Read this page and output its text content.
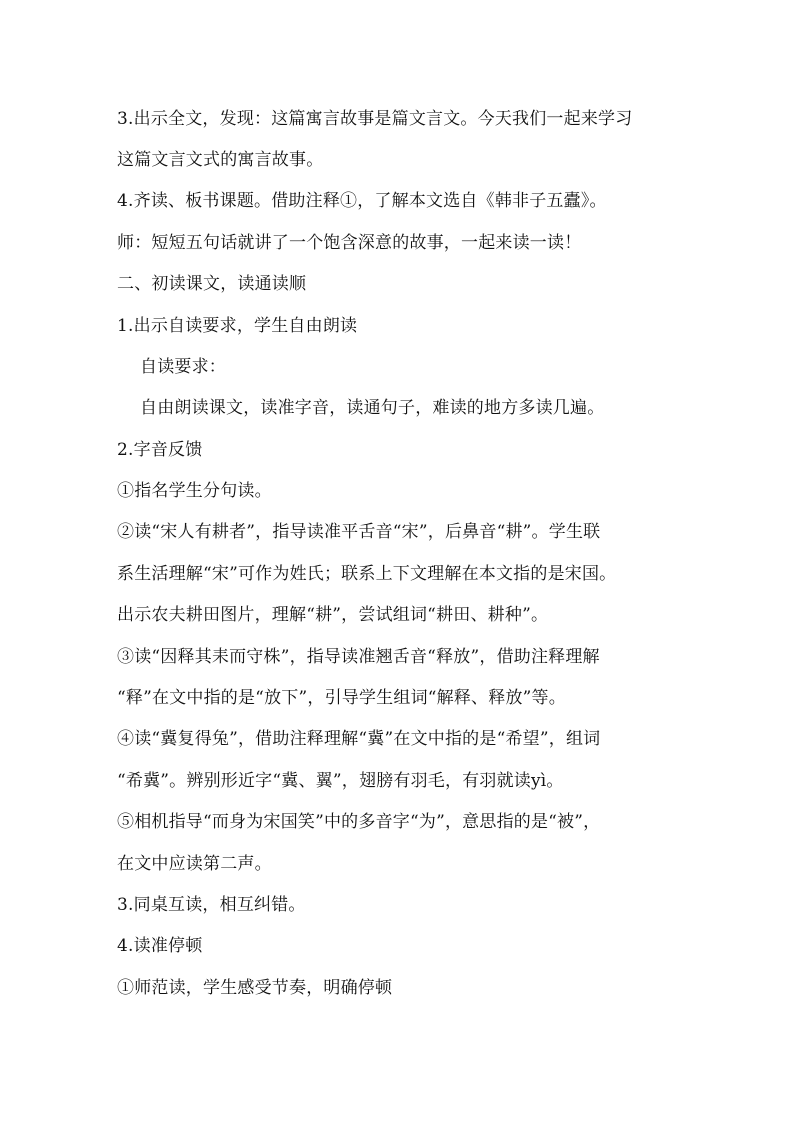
3.出示全文，发现：这篇寓言故事是篇文言文。今天我们一起来学习
这篇文言文式的寓言故事。
4.齐读、板书课题。借助注释①，了解本文选自《韩非子五蠹》。
师：短短五句话就讲了一个饱含深意的故事，一起来读一读！
二、初读课文，读通读顺
1.出示自读要求，学生自由朗读
自读要求：
自由朗读课文，读准字音，读通句子，难读的地方多读几遍。
2.字音反馈
①指名学生分句读。
②读“宋人有耕者”，指导读准平舌音“宋”，后鼻音“耕”。学生联
系生活理解“宋”可作为姓氏；联系上下文理解在本文指的是宋国。
出示农夫耕田图片，理解“耕”，尝试组词“耕田、耕种”。
③读“因释其耒而守株”，指导读准翘舌音“释放”，借助注释理解
“释”在文中指的是“放下”，引导学生组词“解释、释放”等。
④读“冀复得兔”，借助注释理解“冀”在文中指的是“希望”，组词
“希冀”。辨别形近字“冀、翼”，翅膀有羽毛，有羽就读yì。
⑤相机指导“而身为宋国笑”中的多音字“为”，意思指的是“被”，
在文中应读第二声。
3.同桌互读，相互纠错。
4.读准停顿
①师范读，学生感受节奏，明确停顿
